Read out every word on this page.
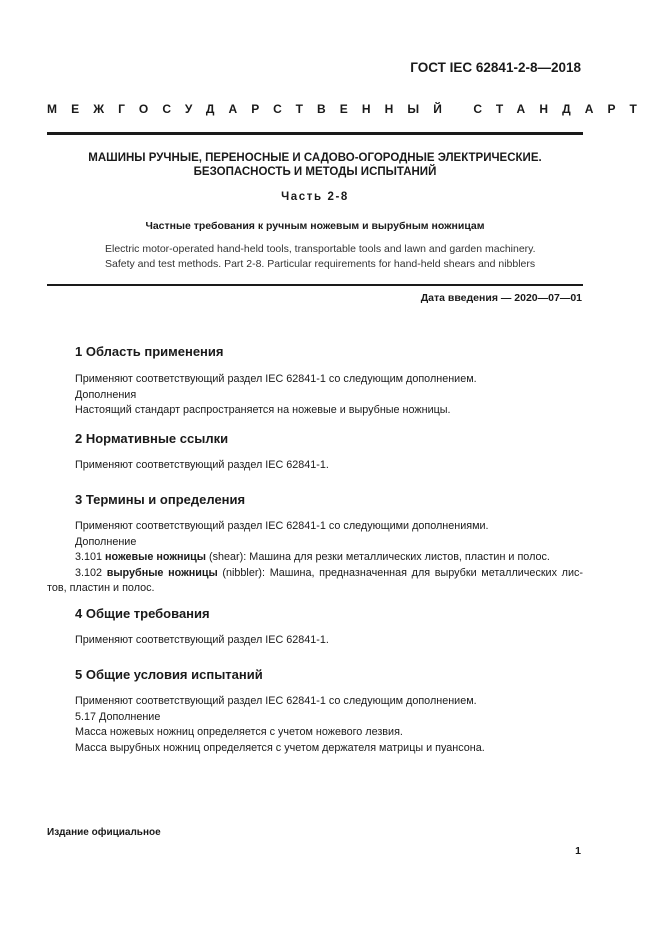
ГОСТ IEC 62841-2-8—2018
МЕЖГОСУДАРСТВЕННЫЙ СТАНДАРТ
МАШИНЫ РУЧНЫЕ, ПЕРЕНОСНЫЕ И САДОВО-ОГОРОДНЫЕ ЭЛЕКТРИЧЕСКИЕ.
БЕЗОПАСНОСТЬ И МЕТОДЫ ИСПЫТАНИЙ
Часть 2-8
Частные требования к ручным ножевым и вырубным ножницам
Electric motor-operated hand-held tools, transportable tools and lawn and garden machinery.
Safety and test methods. Part 2-8. Particular requirements for hand-held shears and nibblers
Дата введения — 2020—07—01
1 Область применения
Применяют соответствующий раздел IEC 62841-1 со следующим дополнением.
Дополнения
Настоящий стандарт распространяется на ножевые и вырубные ножницы.
2 Нормативные ссылки
Применяют соответствующий раздел IEC 62841-1.
3 Термины и определения
Применяют соответствующий раздел IEC 62841-1 со следующими дополнениями.
Дополнение
3.101 ножевые ножницы (shear): Машина для резки металлических листов, пластин и полос.
3.102 вырубные ножницы (nibbler): Машина, предназначенная для вырубки металлических лис-
тов, пластин и полос.
4 Общие требования
Применяют соответствующий раздел IEC 62841-1.
5 Общие условия испытаний
Применяют соответствующий раздел IEC 62841-1 со следующим дополнением.
5.17 Дополнение
Масса ножевых ножниц определяется с учетом ножевого лезвия.
Масса вырубных ножниц определяется с учетом держателя матрицы и пуансона.
Издание официальное
1
